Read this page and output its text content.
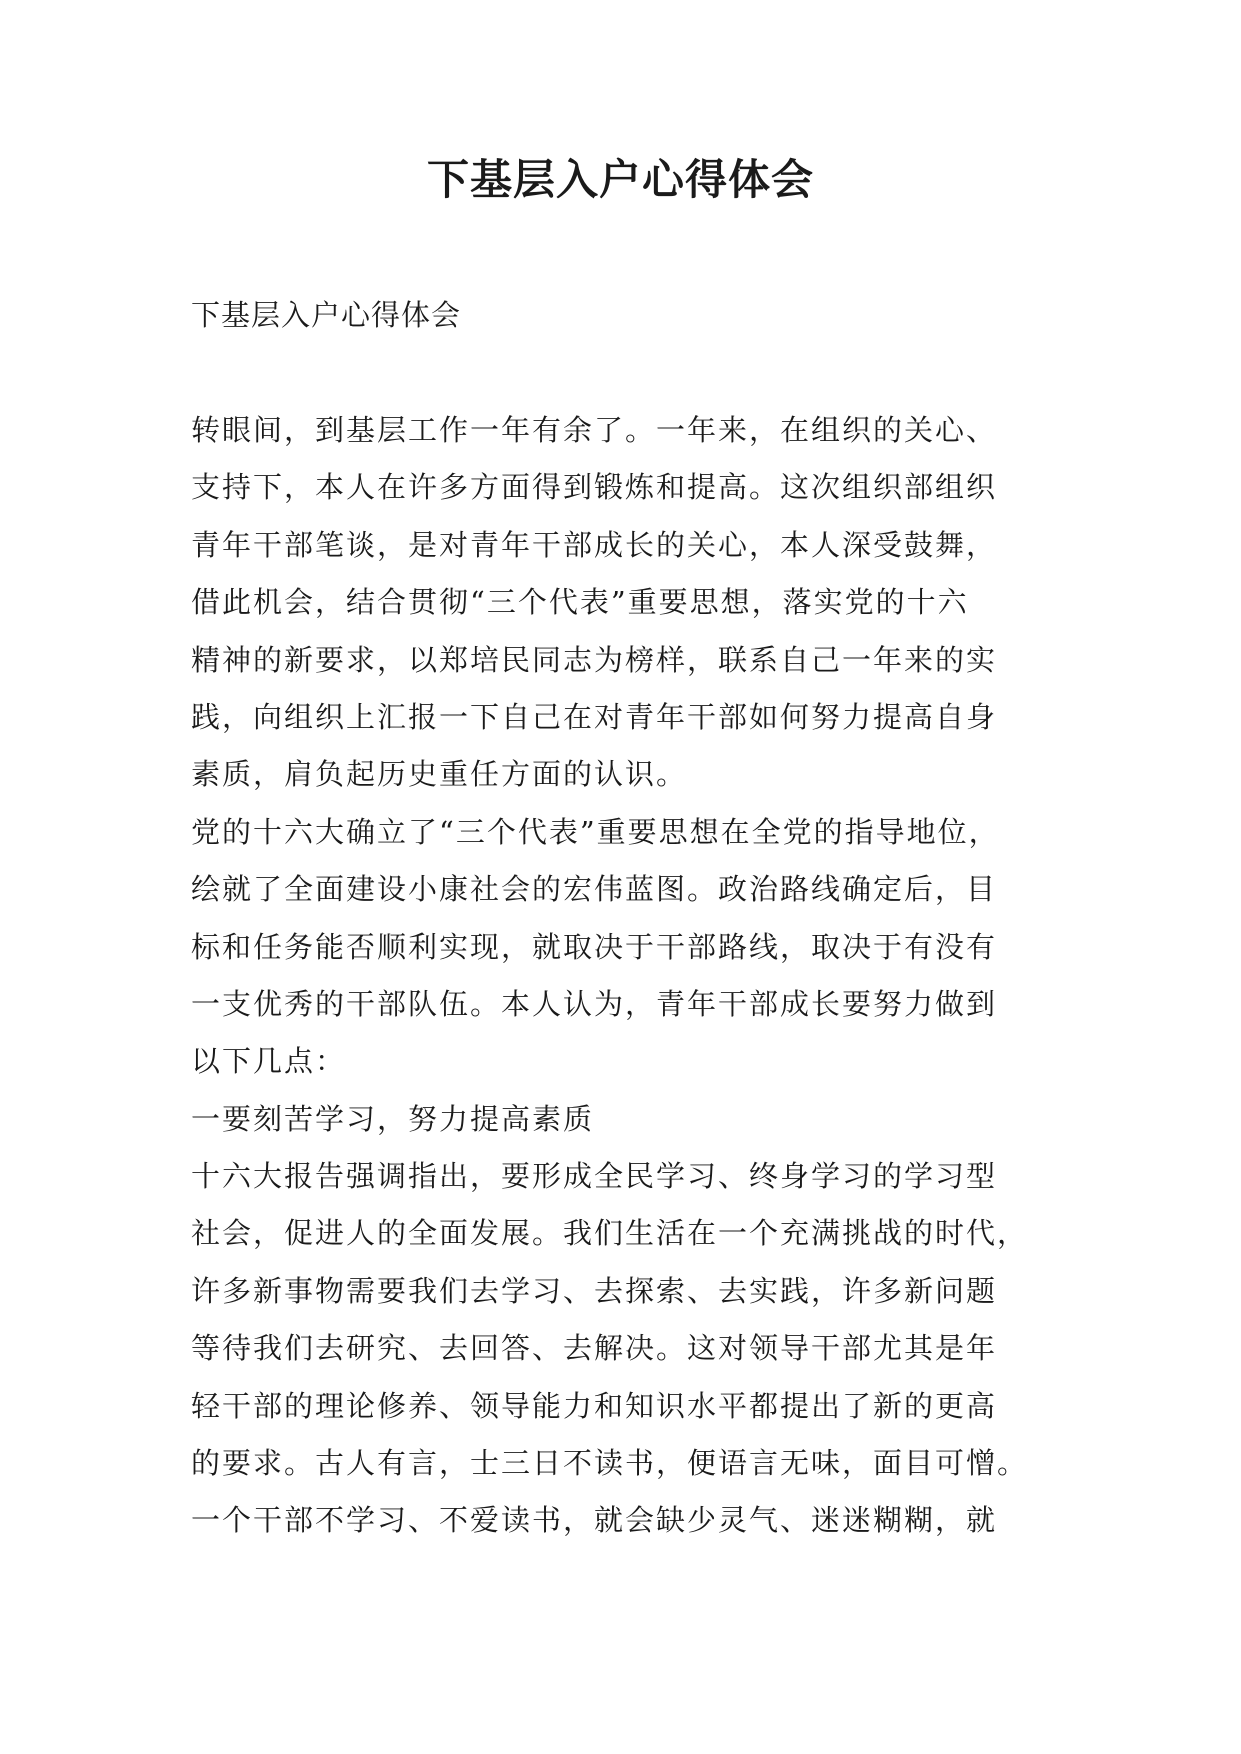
下基层入户心得体会

下基层入户心得体会

转眼间，到基层工作一年有余了。一年来，在组织的关心、
支持下，本人在许多方面得到锻炼和提高。这次组织部组织
青年干部笔谈，是对青年干部成长的关心，本人深受鼓舞，
借此机会，结合贯彻“三个代表”重要思想，落实党的十六
精神的新要求，以郑培民同志为榜样，联系自己一年来的实
践，向组织上汇报一下自己在对青年干部如何努力提高自身
素质，肩负起历史重任方面的认识。
党的十六大确立了“三个代表”重要思想在全党的指导地位，
绘就了全面建设小康社会的宏伟蓝图。政治路线确定后，目
标和任务能否顺利实现，就取决于干部路线，取决于有没有
一支优秀的干部队伍。本人认为，青年干部成长要努力做到
以下几点：
一要刻苦学习，努力提高素质
十六大报告强调指出，要形成全民学习、终身学习的学习型
社会，促进人的全面发展。我们生活在一个充满挑战的时代，
许多新事物需要我们去学习、去探索、去实践，许多新问题
等待我们去研究、去回答、去解决。这对领导干部尤其是年
轻干部的理论修养、领导能力和知识水平都提出了新的更高
的要求。古人有言，士三日不读书，便语言无味，面目可憎。
一个干部不学习、不爱读书，就会缺少灵气、迷迷糊糊，就
